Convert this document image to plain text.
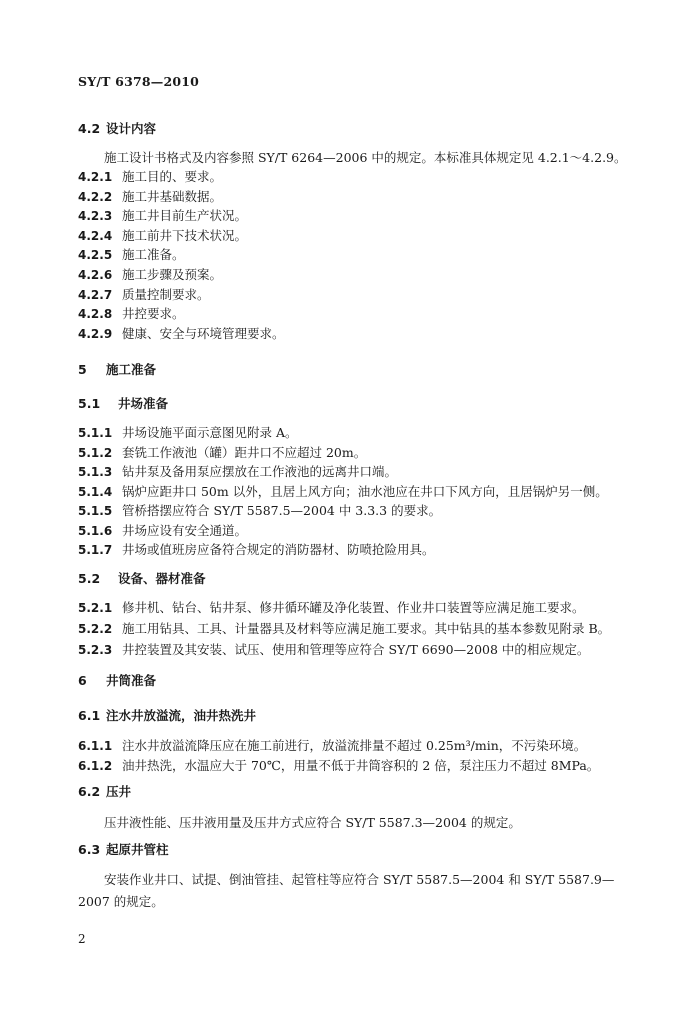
SY/T 6378—2010
4.2 设计内容
施工设计书格式及内容参照 SY/T 6264—2006 中的规定。本标准具体规定见 4.2.1～4.2.9。
4.2.1 施工目的、要求。
4.2.2 施工井基础数据。
4.2.3 施工井目前生产状况。
4.2.4 施工前井下技术状况。
4.2.5 施工准备。
4.2.6 施工步骤及预案。
4.2.7 质量控制要求。
4.2.8 井控要求。
4.2.9 健康、安全与环境管理要求。
5 施工准备
5.1 井场准备
5.1.1 井场设施平面示意图见附录 A。
5.1.2 套铣工作液池（罐）距井口不应超过 20m。
5.1.3 钻井泵及备用泵应摆放在工作液池的远离井口端。
5.1.4 锅炉应距井口 50m 以外，且居上风方向；油水池应在井口下风方向，且居锅炉另一侧。
5.1.5 管桥搭摆应符合 SY/T 5587.5—2004 中 3.3.3 的要求。
5.1.6 井场应设有安全通道。
5.1.7 井场或值班房应备符合规定的消防器材、防喷抢险用具。
5.2 设备、器材准备
5.2.1 修井机、钻台、钻井泵、修井循环罐及净化装置、作业井口装置等应满足施工要求。
5.2.2 施工用钻具、工具、计量器具及材料等应满足施工要求。其中钻具的基本参数见附录 B。
5.2.3 井控装置及其安装、试压、使用和管理等应符合 SY/T 6690—2008 中的相应规定。
6 井筒准备
6.1 注水井放溢流，油井热洗井
6.1.1 注水井放溢流降压应在施工前进行，放溢流排量不超过 0.25m³/min，不污染环境。
6.1.2 油井热洗，水温应大于 70℃，用量不低于井筒容积的 2 倍，泵注压力不超过 8MPa。
6.2 压井
压井液性能、压井液用量及压井方式应符合 SY/T 5587.3—2004 的规定。
6.3 起原井管柱
安装作业井口、试提、倒油管挂、起管柱等应符合 SY/T 5587.5—2004 和 SY/T 5587.9—2007 的规定。
2
